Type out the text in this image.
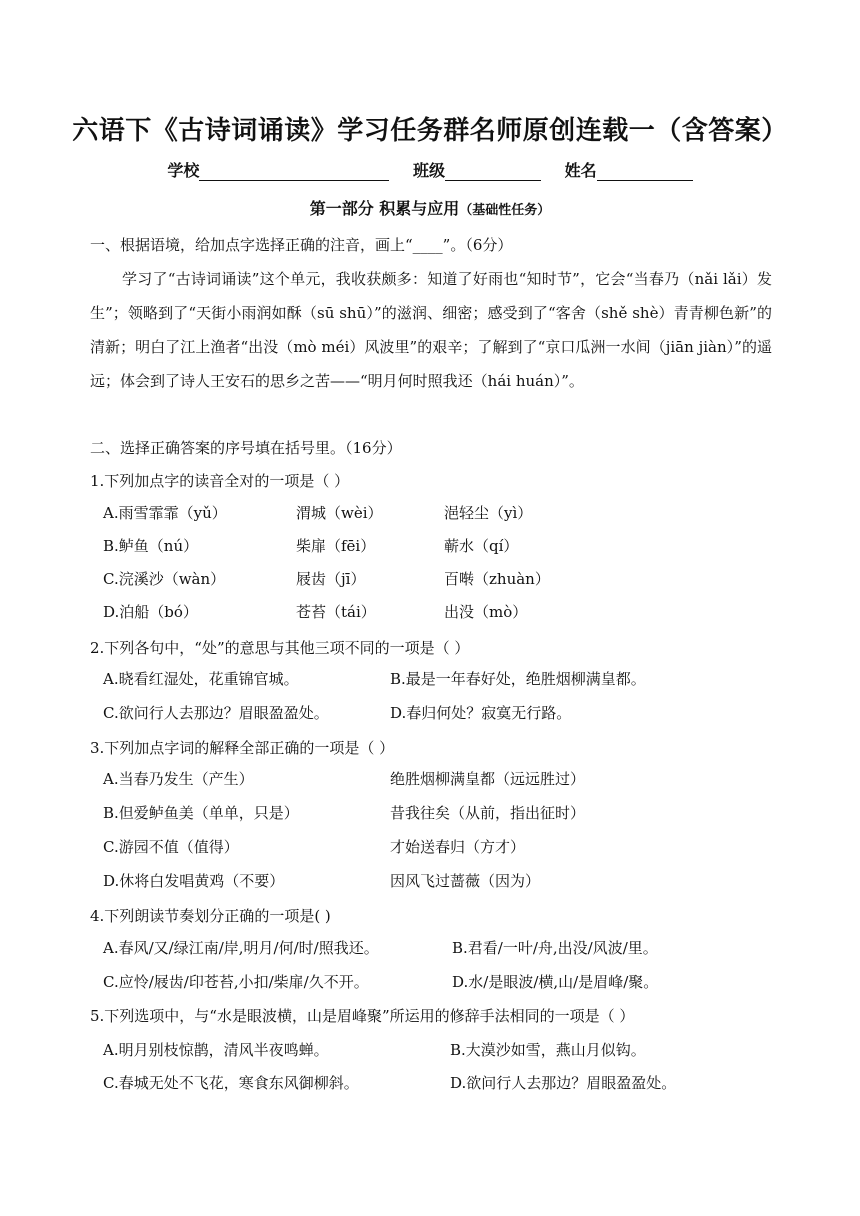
六语下《古诗词诵读》学习任务群名师原创连载一（含答案）
学校	班级	姓名
第一部分 积累与应用（基础性任务）
一、根据语境，给加点字选择正确的注音，画上“____”。（6分）
学习了“古诗词诵读”这个单元，我收获颇多：知道了好雨也“知时节”，它会“当春乃（nǎi lǎi）发生”；领略到了“天街小雨润如酥（sū shū）”的滋润、细密；感受到了“客舍（shě shè）青青柳色新”的清新；明白了江上渔者“出没（mò méi）风波里”的艰辛；了解到了“京口瓜洲一水间（jiān jiàn）”的遥远；体会到了诗人王安石的思乡之苦——“明月何时照我还（hái huán）”。
二、选择正确答案的序号填在括号里。（16分）
1.下列加点字的读音全对的一项是（ ）
A.雨雪霏霏（yǔ）	渭城（wèi）	浥轻尘（yì）
B.鲈鱼（nú）	柴扉（fēi）	蕲水（qí）
C.浣溪沙（wàn）	屐齿（jī）	百啭（zhuàn）
D.泊船（bó）	苍苔（tái）	出没（mò）
2.下列各句中，“处”的意思与其他三项不同的一项是（ ）
A.晓看红湿处，花重锦官城。	B.最是一年春好处，绝胜烟柳满皇都。
C.欲问行人去那边？眉眼盈盈处。	D.春归何处？寂寞无行路。
3.下列加点字词的解释全部正确的一项是（ ）
A.当春乃发生（产生）	绝胜烟柳满皇都（远远胜过）
B.但爱鲈鱼美（单单，只是）	昔我往矣（从前，指出征时）
C.游园不值（值得）	才始送春归（方才）
D.休将白发唱黄鸡（不要）	因风飞过蔷薇（因为）
4.下列朗读节奏划分正确的一项是( )
A.春风/又/绿江南/岸,明月/何/时/照我还。	B.君看/一叶/舟,出没/风波/里。
C.应怜/屐齿/印苍苔,小扣/柴扉/久不开。	D.水/是眼波/横,山/是眉峰/聚。
5.下列选项中，与“水是眼波横，山是眉峰聚”所运用的修辞手法相同的一项是（ ）
A.明月别枝惊鹊，清风半夜鸣蝉。	B.大漠沙如雪，燕山月似钩。
C.春城无处不飞花，寒食东风御柳斜。	D.欲问行人去那边？眉眼盈盈处。
